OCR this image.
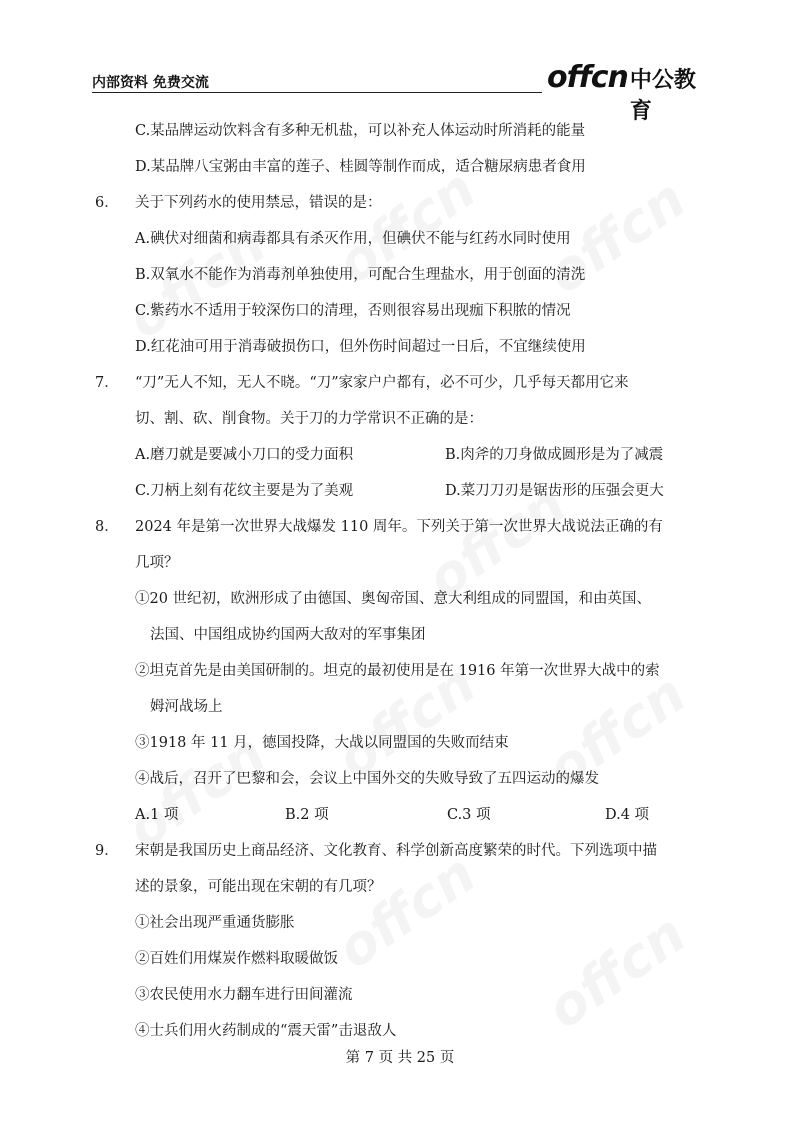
内部资料 免费交流	offcn 中公教育
C.某品牌运动饮料含有多种无机盐，可以补充人体运动时所消耗的能量
D.某品牌八宝粥由丰富的莲子、桂圆等制作而成，适合糖尿病患者食用
6． 关于下列药水的使用禁忌，错误的是：
A.碘伏对细菌和病毒都具有杀灭作用，但碘伏不能与红药水同时使用
B.双氧水不能作为消毒剂单独使用，可配合生理盐水，用于创面的清洗
C.紫药水不适用于较深伤口的清理，否则很容易出现痂下积脓的情况
D.红花油可用于消毒破损伤口，但外伤时间超过一日后，不宜继续使用
7． “刀”无人不知，无人不晓。“刀”家家户户都有，必不可少，几乎每天都用它来
切、割、砍、削食物。关于刀的力学常识不正确的是：
A.磨刀就是要减小刀口的受力面积	B.肉斧的刀身做成圆形是为了减震
C.刀柄上刻有花纹主要是为了美观	D.菜刀刀刃是锯齿形的压强会更大
8． 2024 年是第一次世界大战爆发 110 周年。下列关于第一次世界大战说法正确的有
几项？
①20 世纪初，欧洲形成了由德国、奥匈帝国、意大利组成的同盟国，和由英国、
法国、中国组成协约国两大敌对的军事集团
②坦克首先是由美国研制的。坦克的最初使用是在 1916 年第一次世界大战中的索
姆河战场上
③1918 年 11 月，德国投降，大战以同盟国的失败而结束
④战后，召开了巴黎和会，会议上中国外交的失败导致了五四运动的爆发
A.1 项	B.2 项	C.3 项	D.4 项
9． 宋朝是我国历史上商品经济、文化教育、科学创新高度繁荣的时代。下列选项中描
述的景象，可能出现在宋朝的有几项？
①社会出现严重通货膨胀
②百姓们用煤炭作燃料取暖做饭
③农民使用水力翻车进行田间灌流
④士兵们用火药制成的“震天雷”击退敌人
第 7 页 共 25 页
